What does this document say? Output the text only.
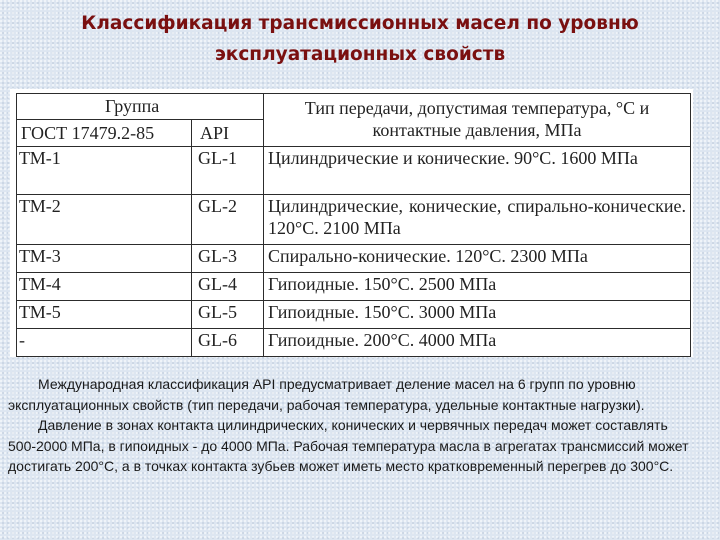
Классификация трансмиссионных масел по уровню
эксплуатационных свойств
Группа
ГОСТ 17479.2-85 API		Тип передачи, допустимая температура, °С и контактные давления, МПа
ТМ-1	GL-1	Цилиндрические и конические. 90°С. 1600 МПа
ТМ-2	GL-2	Цилиндрические, конические, спирально-конические. 120°С. 2100 МПа
ТМ-3	GL-3	Спирально-конические. 120°С. 2300 МПа
ТМ-4	GL-4	Гипоидные. 150°С. 2500 МПа
ТМ-5	GL-5	Гипоидные. 150°С. 3000 МПа
-	GL-6	Гипоидные. 200°С. 4000 МПа

Международная классификация API предусматривает деление масел на 6 групп по уровню эксплуатационных свойств (тип передачи, рабочая температура, удельные контактные нагрузки).

Давление в зонах контакта цилиндрических, конических и червячных передач может составлять 500-2000 МПа, в гипоидных - до 4000 МПа. Рабочая температура масла в агрегатах трансмиссий может достигать 200°С, а в точках контакта зубьев может иметь место кратковременный перегрев до 300°С.
